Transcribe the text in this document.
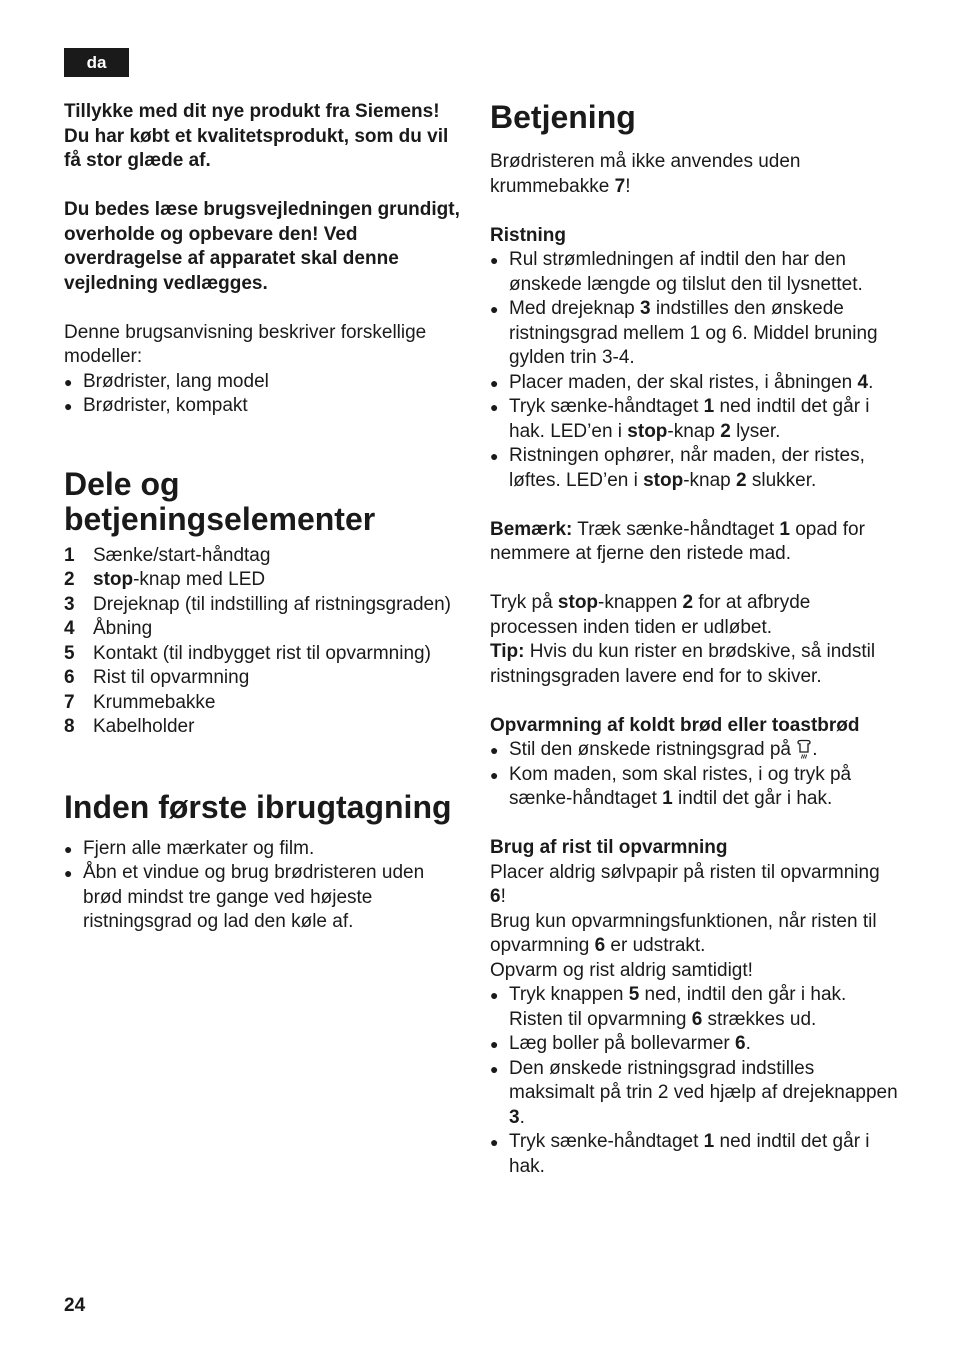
da

Tillykke med dit nye produkt fra Siemens!

Du har købt et kvalitetsprodukt, som du vil få stor glæde af.

Du bedes læse brugsvejledningen grundigt, overholde og opbevare den! Ved overdragelse af apparatet skal denne vejledning vedlægges.

Denne brugsanvisning beskriver forskellige modeller:

● Brødrister, lang model
● Brødrister, kompakt
Dele og betjeningselementer
1 Sænke/start-håndtag
2 stop-knap med LED
3 Drejeknap (til indstilling af ristningsgraden)
4 Åbning
5 Kontakt (til indbygget rist til opvarmning)
6 Rist til opvarmning
7 Krummebakke
8 Kabelholder
Inden første ibrugtagning
● Fjern alle mærkater og film.
● Åbn et vindue og brug brødristeren uden brød mindst tre gange ved højeste ristningsgrad og lad den køle af.
Betjening

Brødristeren må ikke anvendes uden krummebakke 7!

Ristning

● Rul strømledningen af indtil den har den ønskede længde og tilslut den til lysnettet.
● Med drejeknap 3 indstilles den ønskede ristningsgrad mellem 1 og 6. Middel bruning gylden trin 3-4.
● Placer maden, der skal ristes, i åbningen 4.
● Tryk sænke-håndtaget 1 ned indtil det går i hak. LED’en i stop-knap 2 lyser.
● Ristningen ophører, når maden, der ristes, løftes. LED’en i stop-knap 2 slukker.

Bemærk: Træk sænke-håndtaget 1 opad for nemmere at fjerne den ristede mad.

Tryk på stop-knappen 2 for at afbryde processen inden tiden er udløbet.

Tip: Hvis du kun rister en brødskive, så indstil ristningsgraden lavere end for to skiver.

Opvarmning af koldt brød eller toastbrød

● Stil den ønskede ristningsgrad på .
● Kom maden, som skal ristes, i og tryk på sænke-håndtaget 1 indtil det går i hak.

Brug af rist til opvarmning

Placer aldrig sølvpapir på risten til opvarmning 6!

Brug kun opvarmningsfunktionen, når risten til opvarmning 6 er udstrakt.

Opvarm og rist aldrig samtidigt!

● Tryk knappen 5 ned, indtil den går i hak. Risten til opvarmning 6 strækkes ud.
● Læg boller på bollevarmer 6.
● Den ønskede ristningsgrad indstilles maksimalt på trin 2 ved hjælp af drejeknappen 3.
● Tryk sænke-håndtaget 1 ned indtil det går i hak.
24
